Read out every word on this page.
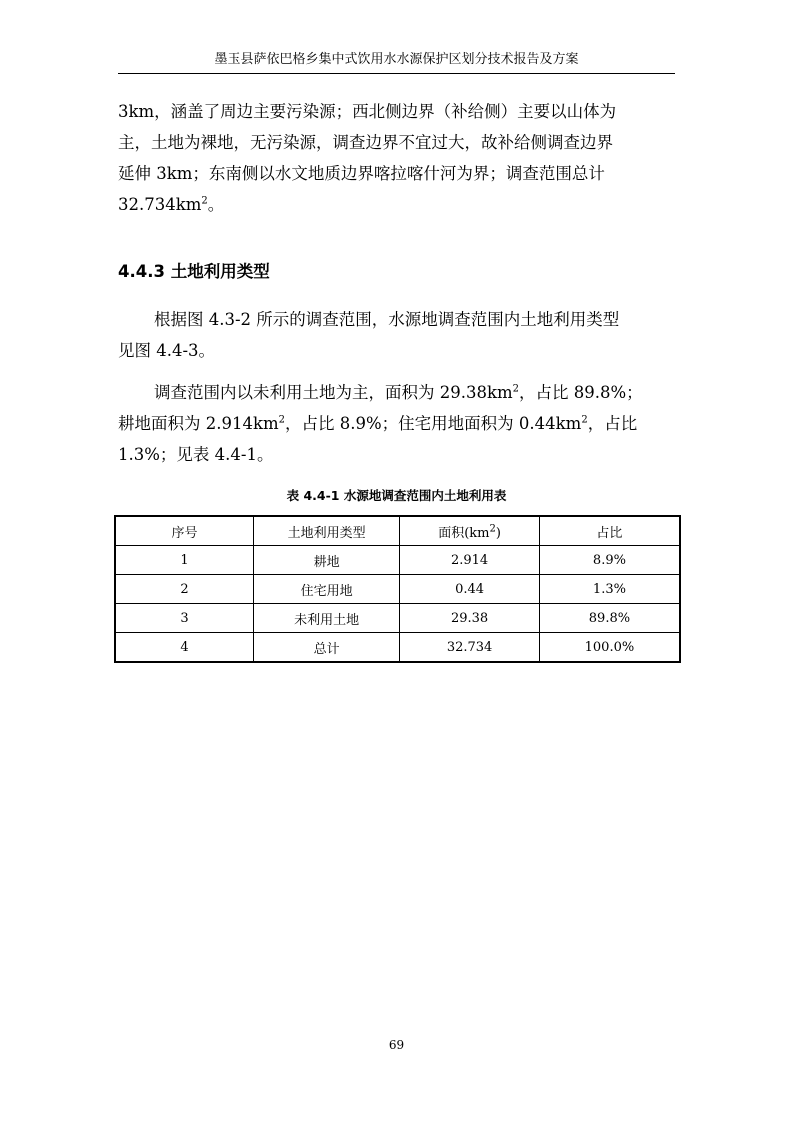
墨玉县萨依巴格乡集中式饮用水水源保护区划分技术报告及方案

3km，涵盖了周边主要污染源；西北侧边界（补给侧）主要以山体为
主，土地为裸地，无污染源，调查边界不宜过大，故补给侧调查边界
延伸 3km；东南侧以水文地质边界喀拉喀什河为界；调查范围总计
$32.734km^2$。

4.4.3 土地利用类型

根据图 4.3-2 所示的调查范围，水源地调查范围内土地利用类型
见图 4.4-3。

调查范围内以未利用土地为主，面积为 $29.38km^2$，占比 89.8%；
耕地面积为 $2.914km^2$，占比 8.9%；住宅用地面积为 $0.44km^2$，占比
1.3%；见表 4.4-1。

表 4.4-1 水源地调查范围内土地利用表
序号	土地利用类型	面积$(km^2)$	占比
1	耕地	2.914	8.9%
2	住宅用地	0.44	1.3%
3	未利用土地	29.38	89.8%
4	总计	32.734	100.0%
69
